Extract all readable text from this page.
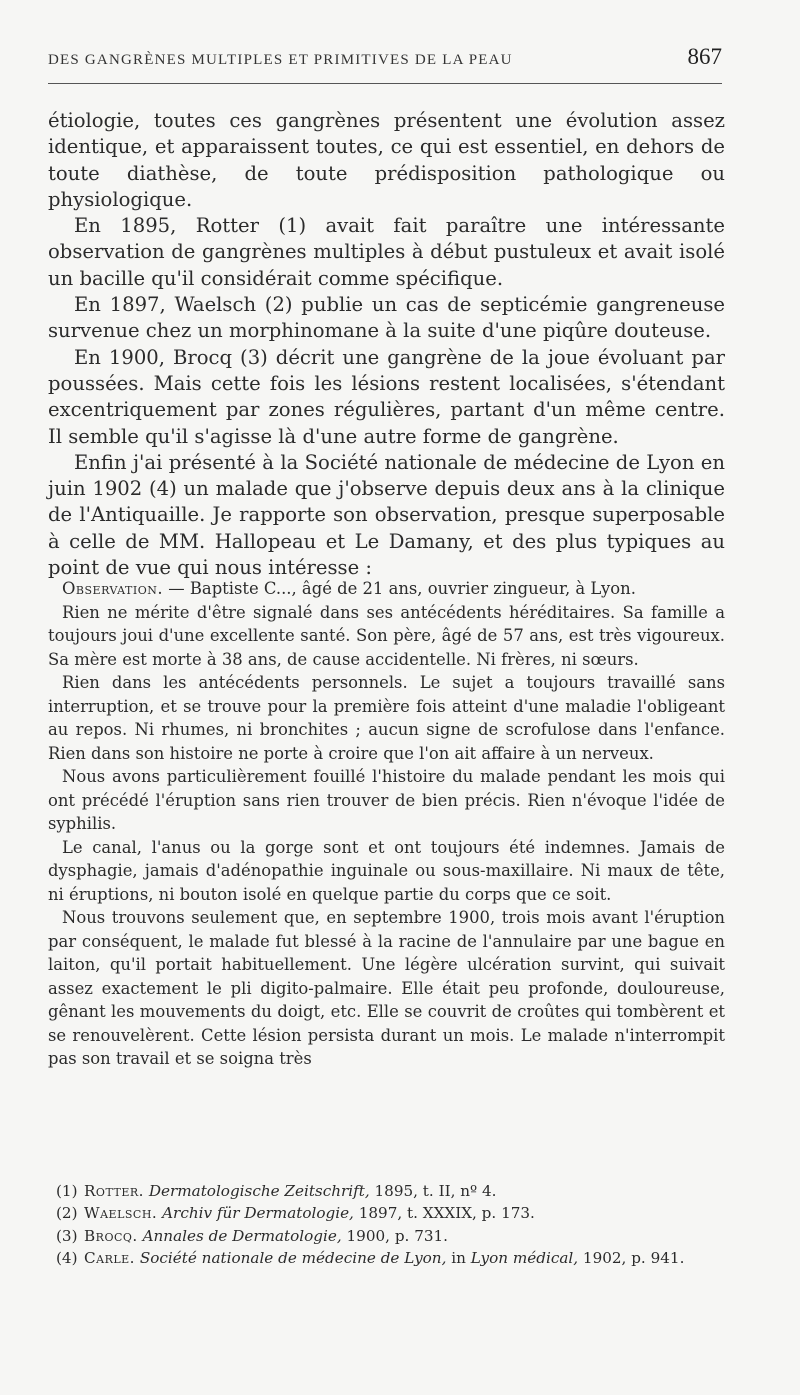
DES GANGRÈNES MULTIPLES ET PRIMITIVES DE LA PEAU	867

étiologie, toutes ces gangrènes présentent une évolution assez identique, et apparaissent toutes, ce qui est essentiel, en dehors de toute diathèse, de toute prédisposition pathologique ou physiologique.

En 1895, Rotter (1) avait fait paraître une intéressante observation de gangrènes multiples à début pustuleux et avait isolé un bacille qu'il considérait comme spécifique.

En 1897, Waelsch (2) publie un cas de septicémie gangreneuse survenue chez un morphinomane à la suite d'une piqûre douteuse.

En 1900, Brocq (3) décrit une gangrène de la joue évoluant par poussées. Mais cette fois les lésions restent localisées, s'étendant excentriquement par zones régulières, partant d'un même centre. Il semble qu'il s'agisse là d'une autre forme de gangrène.

Enfin j'ai présenté à la Société nationale de médecine de Lyon en juin 1902 (4) un malade que j'observe depuis deux ans à la clinique de l'Antiquaille. Je rapporte son observation, presque superposable à celle de MM. Hallopeau et Le Damany, et des plus typiques au point de vue qui nous intéresse :

Observation. — Baptiste C..., âgé de 21 ans, ouvrier zingueur, à Lyon.

Rien ne mérite d'être signalé dans ses antécédents héréditaires. Sa famille a toujours joui d'une excellente santé. Son père, âgé de 57 ans, est très vigoureux. Sa mère est morte à 38 ans, de cause accidentelle. Ni frères, ni sœurs.

Rien dans les antécédents personnels. Le sujet a toujours travaillé sans interruption, et se trouve pour la première fois atteint d'une maladie l'obligeant au repos. Ni rhumes, ni bronchites ; aucun signe de scrofulose dans l'enfance. Rien dans son histoire ne porte à croire que l'on ait affaire à un nerveux.

Nous avons particulièrement fouillé l'histoire du malade pendant les mois qui ont précédé l'éruption sans rien trouver de bien précis. Rien n'évoque l'idée de syphilis.

Le canal, l'anus ou la gorge sont et ont toujours été indemnes. Jamais de dysphagie, jamais d'adénopathie inguinale ou sous-maxillaire. Ni maux de tête, ni éruptions, ni bouton isolé en quelque partie du corps que ce soit.

Nous trouvons seulement que, en septembre 1900, trois mois avant l'éruption par conséquent, le malade fut blessé à la racine de l'annulaire par une bague en laiton, qu'il portait habituellement. Une légère ulcération survint, qui suivait assez exactement le pli digito-palmaire. Elle était peu profonde, douloureuse, gênant les mouvements du doigt, etc. Elle se couvrit de croûtes qui tombèrent et se renouvelèrent. Cette lésion persista durant un mois. Le malade n'interrompit pas son travail et se soigna très

(1) Rotter. Dermatologische Zeitschrift, 1895, t. II, nº 4.

(2) Waelsch. Archiv für Dermatologie, 1897, t. XXXIX, p. 173.

(3) Brocq. Annales de Dermatologie, 1900, p. 731.

(4) Carle. Société nationale de médecine de Lyon, in Lyon médical, 1902, p. 941.
